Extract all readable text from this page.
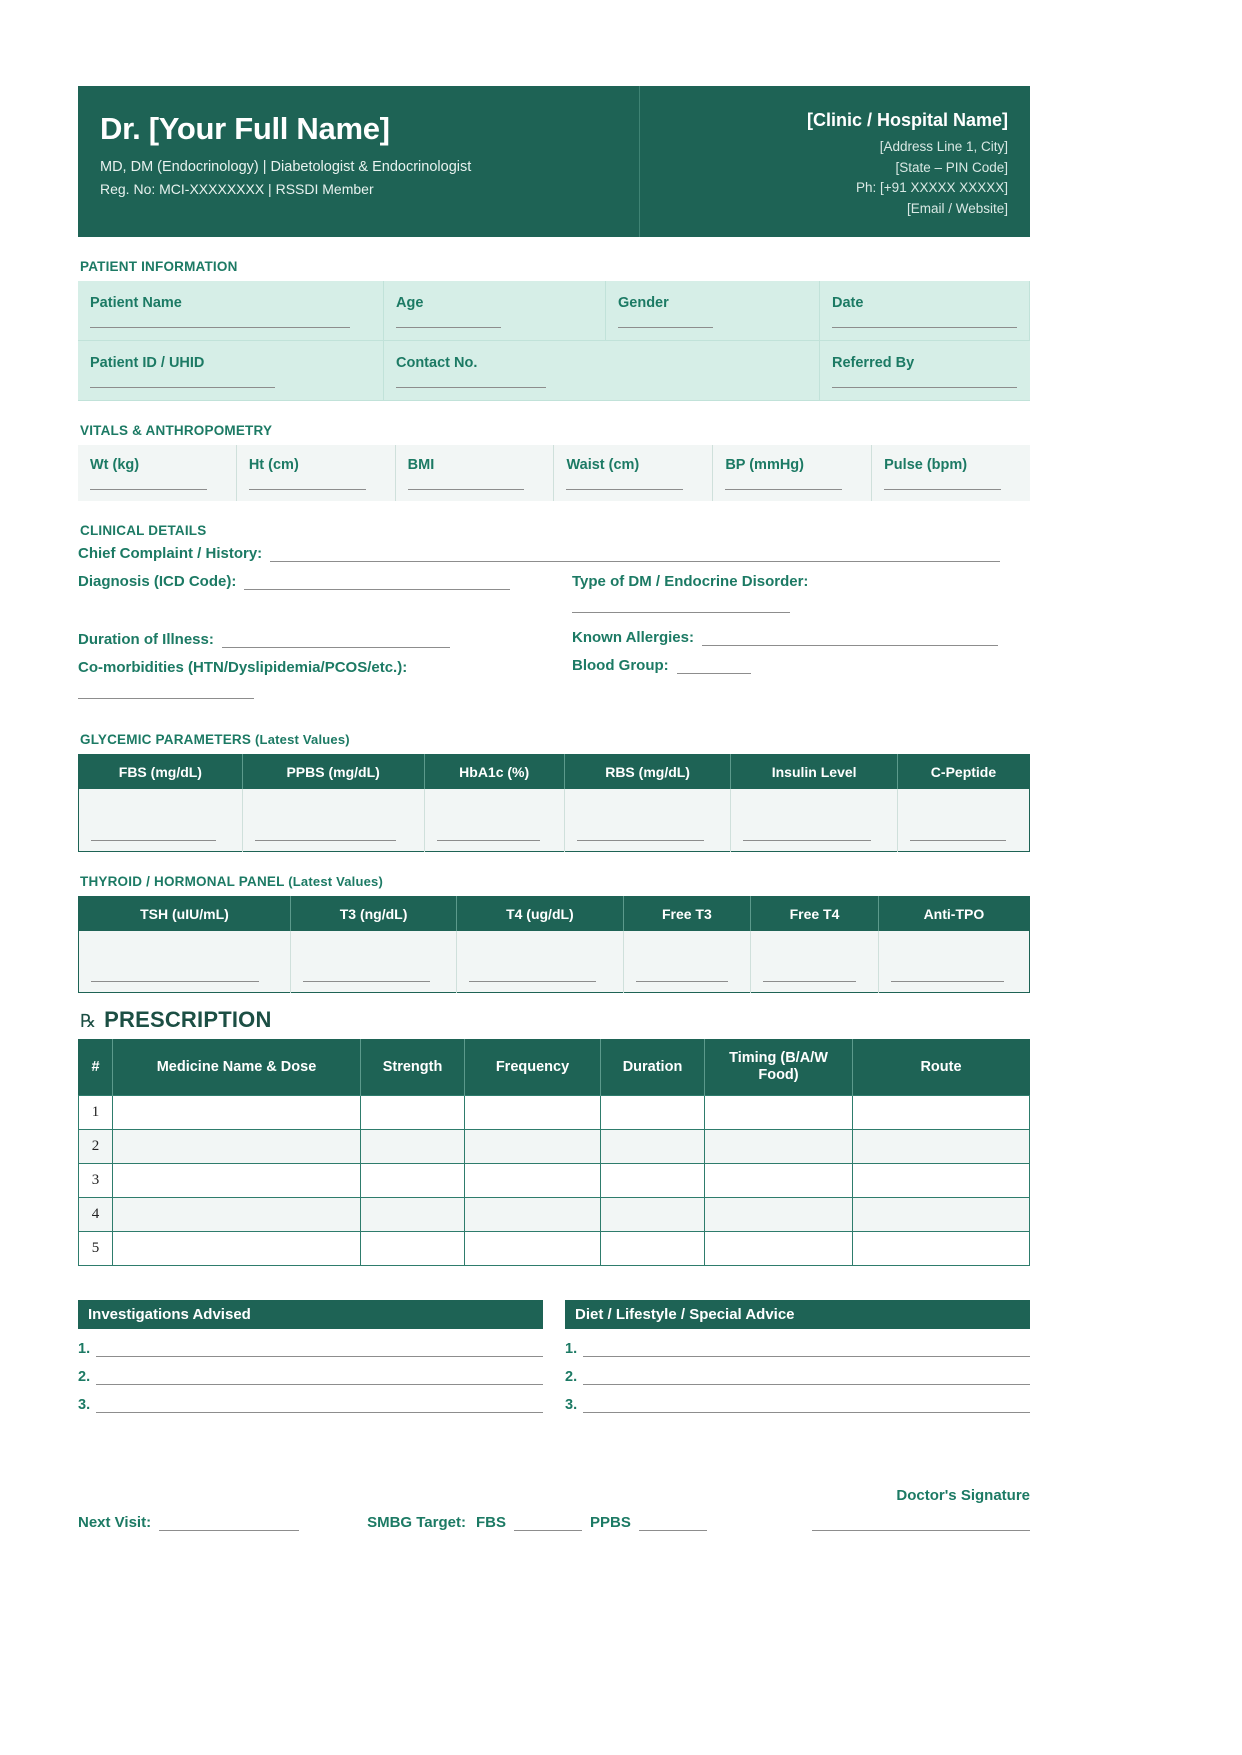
Dr. [Your Full Name]
MD, DM (Endocrinology) | Diabetologist & Endocrinologist
Reg. No: MCI-XXXXXXXX | RSSDI Member
[Clinic / Hospital Name]
[Address Line 1, City]
[State – PIN Code]
Ph: [+91 XXXXX XXXXX]
[Email / Website]
PATIENT INFORMATION
Patient Name	Age	Gender	Date
Patient ID / UHID	Contact No.	Referred By
VITALS & ANTHROPOMETRY
Wt (kg)	Ht (cm)	BMI	Waist (cm)	BP (mmHg)	Pulse (bpm)
CLINICAL DETAILS
Chief Complaint / History:
Diagnosis (ICD Code):
Duration of Illness:
Co-morbidities (HTN/Dyslipidemia/PCOS/etc.):
Type of DM / Endocrine Disorder:
Known Allergies:
Blood Group:
GLYCEMIC PARAMETERS (Latest Values)
FBS (mg/dL)	PPBS (mg/dL)	HbA1c (%)	RBS (mg/dL)	Insulin Level	C-Peptide

THYROID / HORMONAL PANEL (Latest Values)
TSH (uIU/mL)	T3 (ng/dL)	T4 (ug/dL)	Free T3	Free T4	Anti-TPO

℞ PRESCRIPTION
#	Medicine Name & Dose	Strength	Frequency	Duration	Timing (B/A/W Food)	Route
1						
2						
3						
4						
5						
Investigations Advised
1.
2.
3.
Diet / Lifestyle / Special Advice
1.
2.
3.
Next Visit:	SMBG Target: FBS	PPBS
Doctor's Signature
